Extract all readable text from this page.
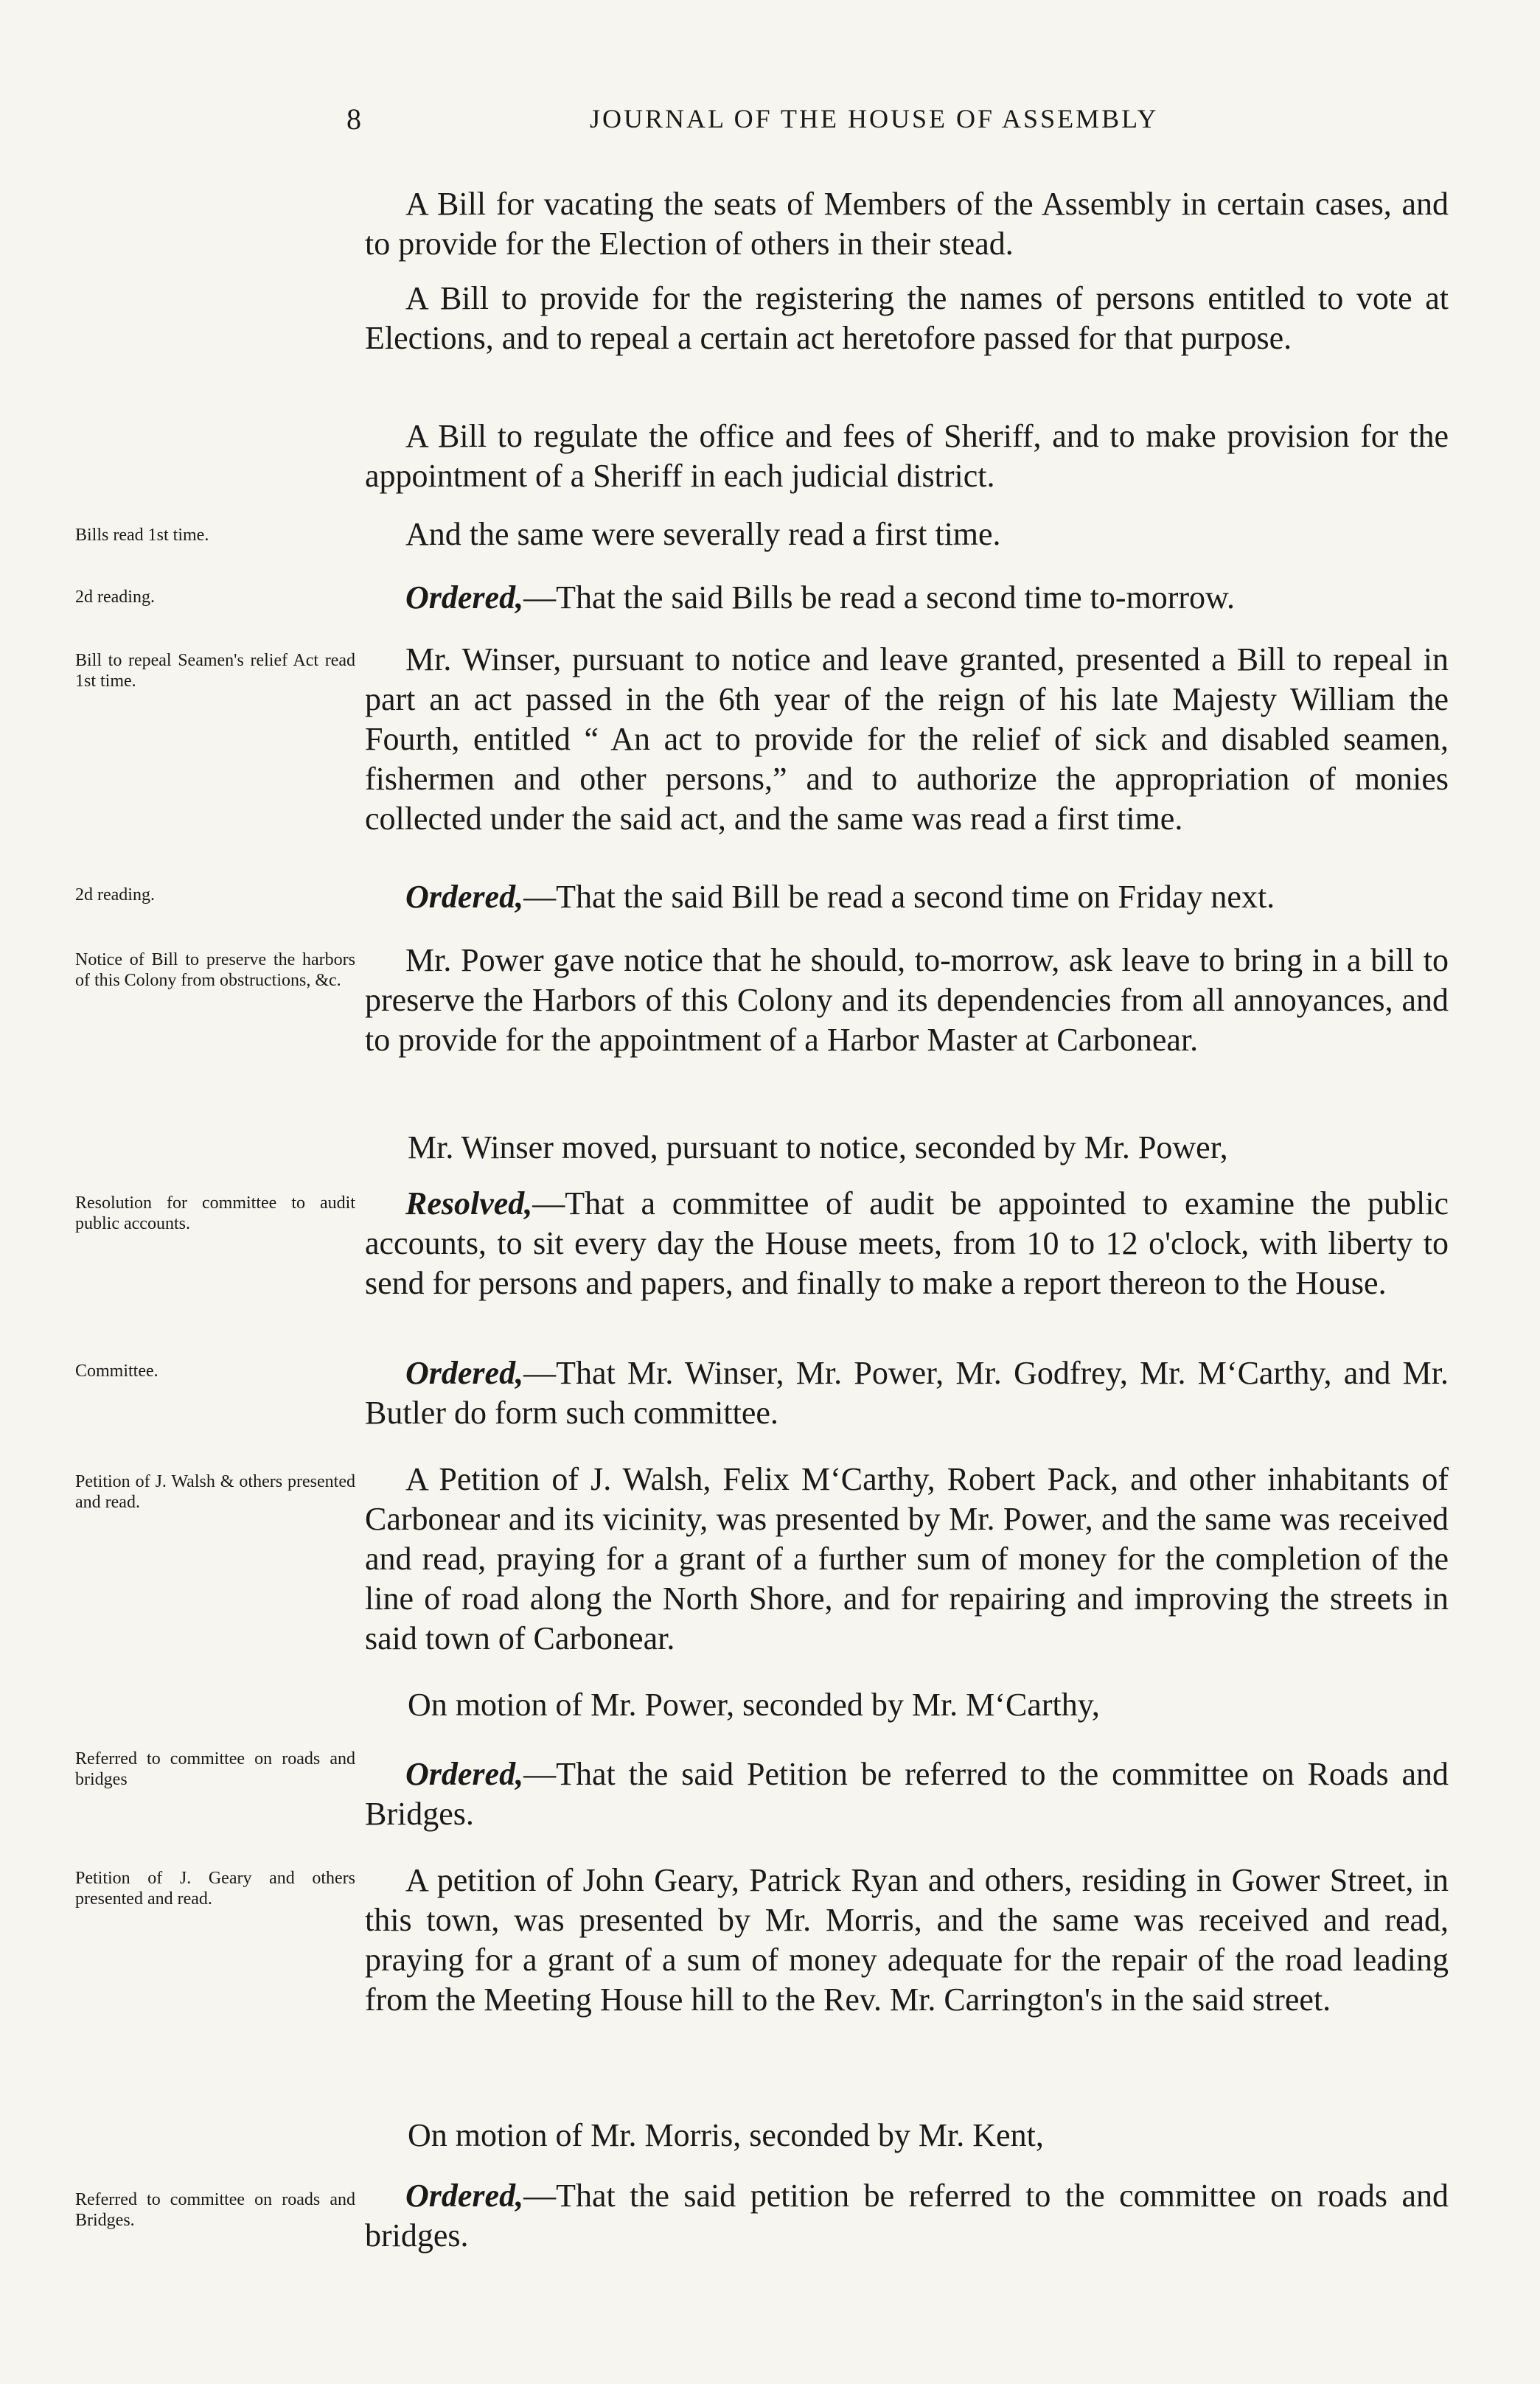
8	JOURNAL OF THE HOUSE OF ASSEMBLY
A Bill for vacating the seats of Members of the Assembly in certain cases, and to provide for the Election of others in their stead.
A Bill to provide for the registering the names of persons entitled to vote at Elections, and to repeal a certain act heretofore passed for that purpose.
A Bill to regulate the office and fees of Sheriff, and to make provision for the appointment of a Sheriff in each judicial district.
Bills read 1st time.	And the same were severally read a first time.
2d reading.	Ordered,—That the said Bills be read a second time to-morrow.
Bill to repeal Seamen's relief Act read 1st time.
Mr. Winser, pursuant to notice and leave granted, presented a Bill to repeal in part an act passed in the 6th year of the reign of his late Majesty William the Fourth, entitled “ An act to provide for the relief of sick and disabled seamen, fishermen and other persons,” and to authorize the appropriation of monies collected under the said act, and the same was read a first time.
2d reading.	Ordered,—That the said Bill be read a second time on Friday next.
Notice of Bill to preserve the harbors of this Colony from obstructions, &c.
Mr. Power gave notice that he should, to-morrow, ask leave to bring in a bill to preserve the Harbors of this Colony and its dependencies from all annoyances, and to provide for the appointment of a Harbor Master at Carbonear.
Mr. Winser moved, pursuant to notice, seconded by Mr. Power,
Resolution for committee to audit public accounts.
Resolved,—That a committee of audit be appointed to examine the public accounts, to sit every day the House meets, from 10 to 12 o'clock, with liberty to send for persons and papers, and finally to make a report thereon to the House.
Committee.	Ordered,—That Mr. Winser, Mr. Power, Mr. Godfrey, Mr. M‘Carthy, and Mr. Butler do form such committee.
Petition of J. Walsh & others presented and read.
A Petition of J. Walsh, Felix M‘Carthy, Robert Pack, and other inhabitants of Carbonear and its vicinity, was presented by Mr. Power, and the same was received and read, praying for a grant of a further sum of money for the completion of the line of road along the North Shore, and for repairing and improving the streets in said town of Carbonear.
On motion of Mr. Power, seconded by Mr. M‘Carthy,
Referred to committee on roads and bridges	Ordered,—That the said Petition be referred to the committee on Roads and Bridges.
Petition of J. Geary and others presented and read.
A petition of John Geary, Patrick Ryan and others, residing in Gower Street, in this town, was presented by Mr. Morris, and the same was received and read, praying for a grant of a sum of money adequate for the repair of the road leading from the Meeting House hill to the Rev. Mr. Carrington's in the said street.
On motion of Mr. Morris, seconded by Mr. Kent,
Referred to committee on roads and Bridges.
Ordered,—That the said petition be referred to the committee on roads and bridges.
